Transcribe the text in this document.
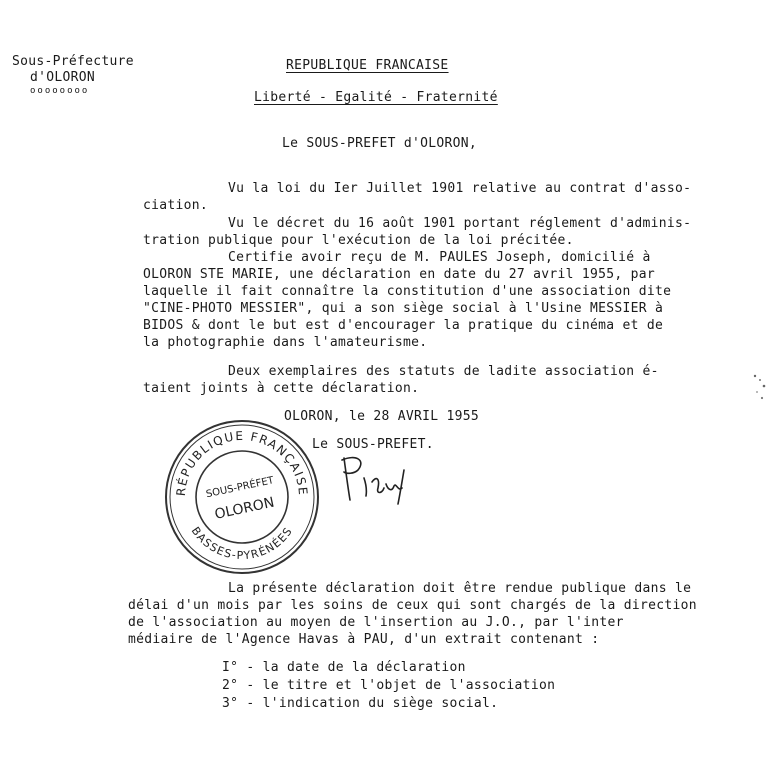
Sous-Préfecture
d'OLORON
oooooooo
REPUBLIQUE FRANCAISE
Liberté - Egalité - Fraternité
Le SOUS-PREFET d'OLORON,
Vu la loi du Ier Juillet 1901 relative au contrat d'asso-
ciation.
Vu le décret du 16 août 1901 portant réglement d'adminis-
tration publique pour l'exécution de la loi précitée.
Certifie avoir reçu de M. PAULES Joseph, domicilié à
OLORON STE MARIE, une déclaration en date du 27 avril 1955, par
laquelle il fait connaître la constitution d'une association dite
"CINE-PHOTO MESSIER", qui a son siège social à l'Usine MESSIER à
BIDOS & dont le but est d'encourager la pratique du cinéma et de
la photographie dans l'amateurisme.
Deux exemplaires des statuts de ladite association é-
taient joints à cette déclaration.
OLORON, le 28 AVRIL 1955
Le SOUS-PREFET.
RÉPUBLIQUE FRANÇAISE
BASSES-PYRÉNÉES
SOUS-PRÉFET
OLORON
La présente déclaration doit être rendue publique dans le
délai d'un mois par les soins de ceux qui sont chargés de la direction
de l'association au moyen de l'insertion au J.O., par l'inter
médiaire de l'Agence Havas à PAU, d'un extrait contenant :
I° - la date de la déclaration
2° - le titre et l'objet de l'association
3° - l'indication du siège social.
